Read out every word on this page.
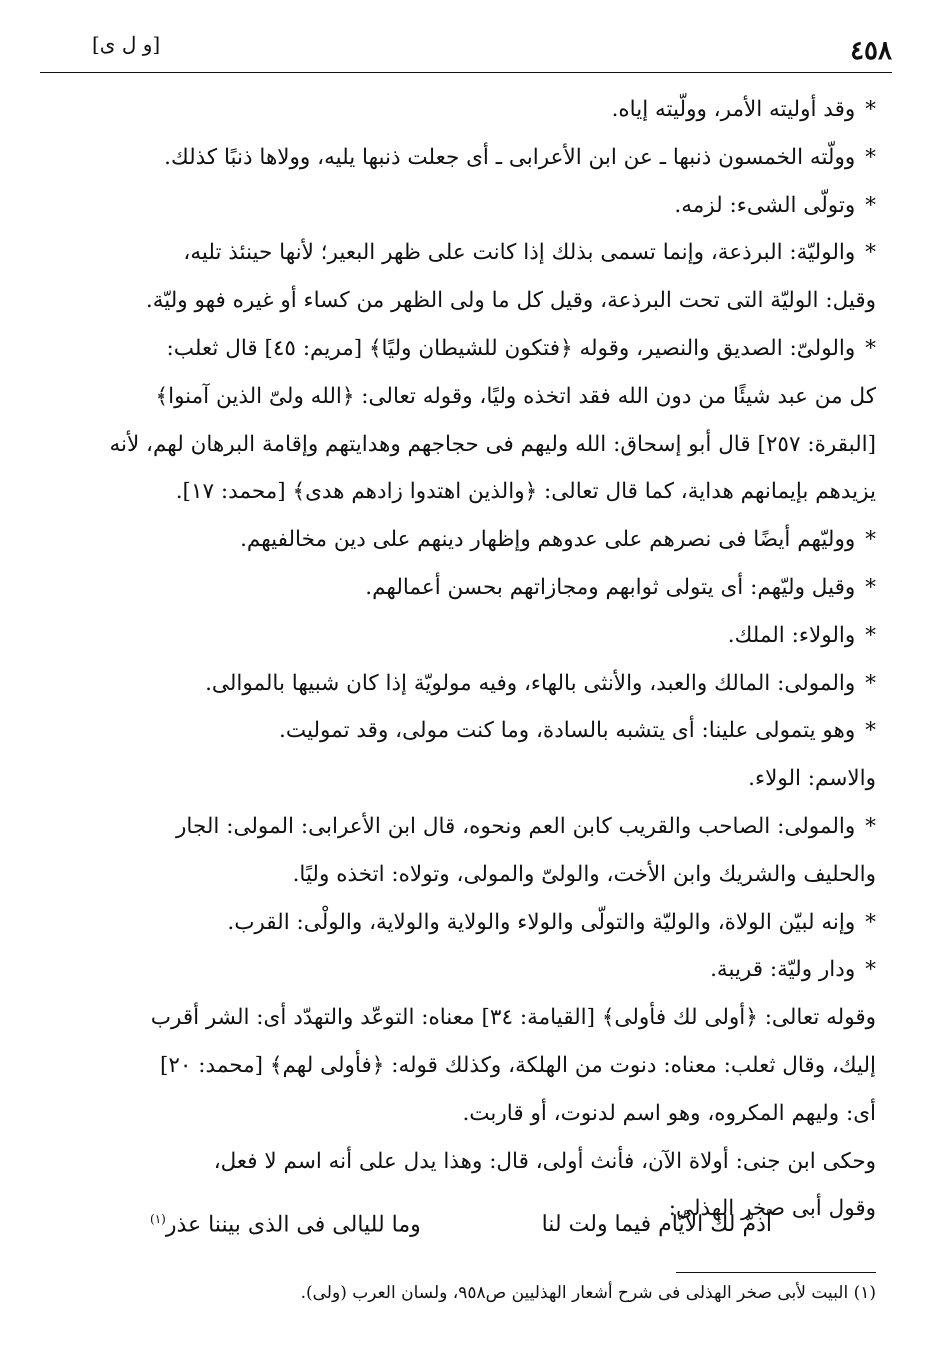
[و ل ى]	٤٥٨

*وقد أوليته الأمر، وولّيته إياه.

*وولّته الخمسون ذنبها ـ عن ابن الأعرابى ـ أى جعلت ذنبها يليه، وولاها ذنبًا كذلك.

*وتولّى الشىء: لزمه.

*والوليّة: البرذعة، وإنما تسمى بذلك إذا كانت على ظهر البعير؛ لأنها حينئذ تليه،

وقيل: الوليّة التى تحت البرذعة، وقيل كل ما ولى الظهر من كساء أو غيره فهو وليّة.

*والولىّ: الصديق والنصير، وقوله ﴿فتكون للشيطان وليًا﴾ [مريم: ٤٥] قال ثعلب:

كل من عبد شيئًا من دون الله فقد اتخذه وليًا، وقوله تعالى: ﴿الله ولىّ الذين آمنوا﴾

[البقرة: ٢٥٧] قال أبو إسحاق: الله وليهم فى حجاجهم وهدايتهم وإقامة البرهان لهم، لأنه

يزيدهم بإيمانهم هداية، كما قال تعالى: ﴿والذين اهتدوا زادهم هدى﴾ [محمد: ١٧].

*ووليّهم أيضًا فى نصرهم على عدوهم وإظهار دينهم على دين مخالفيهم.

*وقيل وليّهم: أى يتولى ثوابهم ومجازاتهم بحسن أعمالهم.

*والولاء: الملك.

*والمولى: المالك والعبد، والأنثى بالهاء، وفيه مولويّة إذا كان شبيها بالموالى.

*وهو يتمولى علينا: أى يتشبه بالسادة، وما كنت مولى، وقد تموليت.

والاسم: الولاء.

*والمولى: الصاحب والقريب كابن العم ونحوه، قال ابن الأعرابى: المولى: الجار

والحليف والشريك وابن الأخت، والولىّ والمولى، وتولاه: اتخذه وليًا.

*وإنه لبيّن الولاة، والوليّة والتولّى والولاء والولاية والولاية، والولْى: القرب.

*ودار وليّة: قريبة.

وقوله تعالى: ﴿أولى لك فأولى﴾ [القيامة: ٣٤] معناه: التوعّد والتهدّد أى: الشر أقرب

إليك، وقال ثعلب: معناه: دنوت من الهلكة، وكذلك قوله: ﴿فأولى لهم﴾ [محمد: ٢٠]

أى: وليهم المكروه، وهو اسم لدنوت، أو قاربت.

وحكى ابن جنى: أولاة الآن، فأنث أولى، قال: وهذا يدل على أنه اسم لا فعل،

وقول أبى صخر الهذلى:

أذمّ لك الأيّام فيما ولت لنا
وما لليالى فى الذى بيننا عذر$^{(١)}$
(١) البيت لأبى صخر الهذلى فى شرح أشعار الهذليين ص٩٥٨، ولسان العرب (ولى).
